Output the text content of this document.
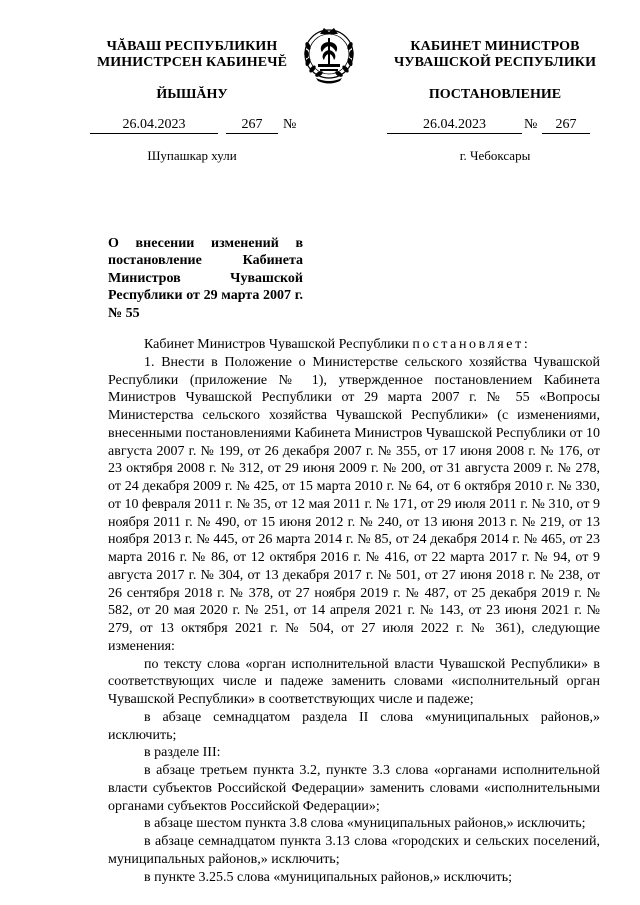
ЧĂВАШ РЕСПУБЛИКИН
МИНИСТРСЕН КАБИНЕЧĔ
ЙЫШĂНУ
КАБИНЕТ МИНИСТРОВ
ЧУВАШСКОЙ РЕСПУБЛИКИ
ПОСТАНОВЛЕНИЕ
26.04.2023	267	№	26.04.2023	№	267
Шупашкар хули	г. Чебоксары
О внесении изменений в постановление Кабинета Министров Чувашской Республики от 29 марта 2007 г. № 55

Кабинет Министров Чувашской Республики постановляет:

1. Внести в Положение о Министерстве сельского хозяйства Чувашской Республики (приложение № 1), утвержденное постановлением Кабинета Министров Чувашской Республики от 29 марта 2007 г. № 55 «Вопросы Министерства сельского хозяйства Чувашской Республики» (с изменениями, внесенными постановлениями Кабинета Министров Чувашской Республики от 10 августа 2007 г. № 199, от 26 декабря 2007 г. № 355, от 17 июня 2008 г. № 176, от 23 октября 2008 г. № 312, от 29 июня 2009 г. № 200, от 31 августа 2009 г. № 278, от 24 декабря 2009 г. № 425, от 15 марта 2010 г. № 64, от 6 октября 2010 г. № 330, от 10 февраля 2011 г. № 35, от 12 мая 2011 г. № 171, от 29 июля 2011 г. № 310, от 9 ноября 2011 г. № 490, от 15 июня 2012 г. № 240, от 13 июня 2013 г. № 219, от 13 ноября 2013 г. № 445, от 26 марта 2014 г. № 85, от 24 декабря 2014 г. № 465, от 23 марта 2016 г. № 86, от 12 октября 2016 г. № 416, от 22 марта 2017 г. № 94, от 9 августа 2017 г. № 304, от 13 декабря 2017 г. № 501, от 27 июня 2018 г. № 238, от 26 сентября 2018 г. № 378, от 27 ноября 2019 г. № 487, от 25 декабря 2019 г. № 582, от 20 мая 2020 г. № 251, от 14 апреля 2021 г. № 143, от 23 июня 2021 г. № 279, от 13 октября 2021 г. № 504, от 27 июля 2022 г. № 361), следующие изменения:

по тексту слова «орган исполнительной власти Чувашской Республики» в соответствующих числе и падеже заменить словами «исполнительный орган Чувашской Республики» в соответствующих числе и падеже;

в абзаце семнадцатом раздела II слова «муниципальных районов,» исключить;

в разделе III:

в абзаце третьем пункта 3.2, пункте 3.3 слова «органами исполнительной власти субъектов Российской Федерации» заменить словами «исполнительными органами субъектов Российской Федерации»;

в абзаце шестом пункта 3.8 слова «муниципальных районов,» исключить;

в абзаце семнадцатом пункта 3.13 слова «городских и сельских поселений, муниципальных районов,» исключить;

в пункте 3.25.5 слова «муниципальных районов,» исключить;
